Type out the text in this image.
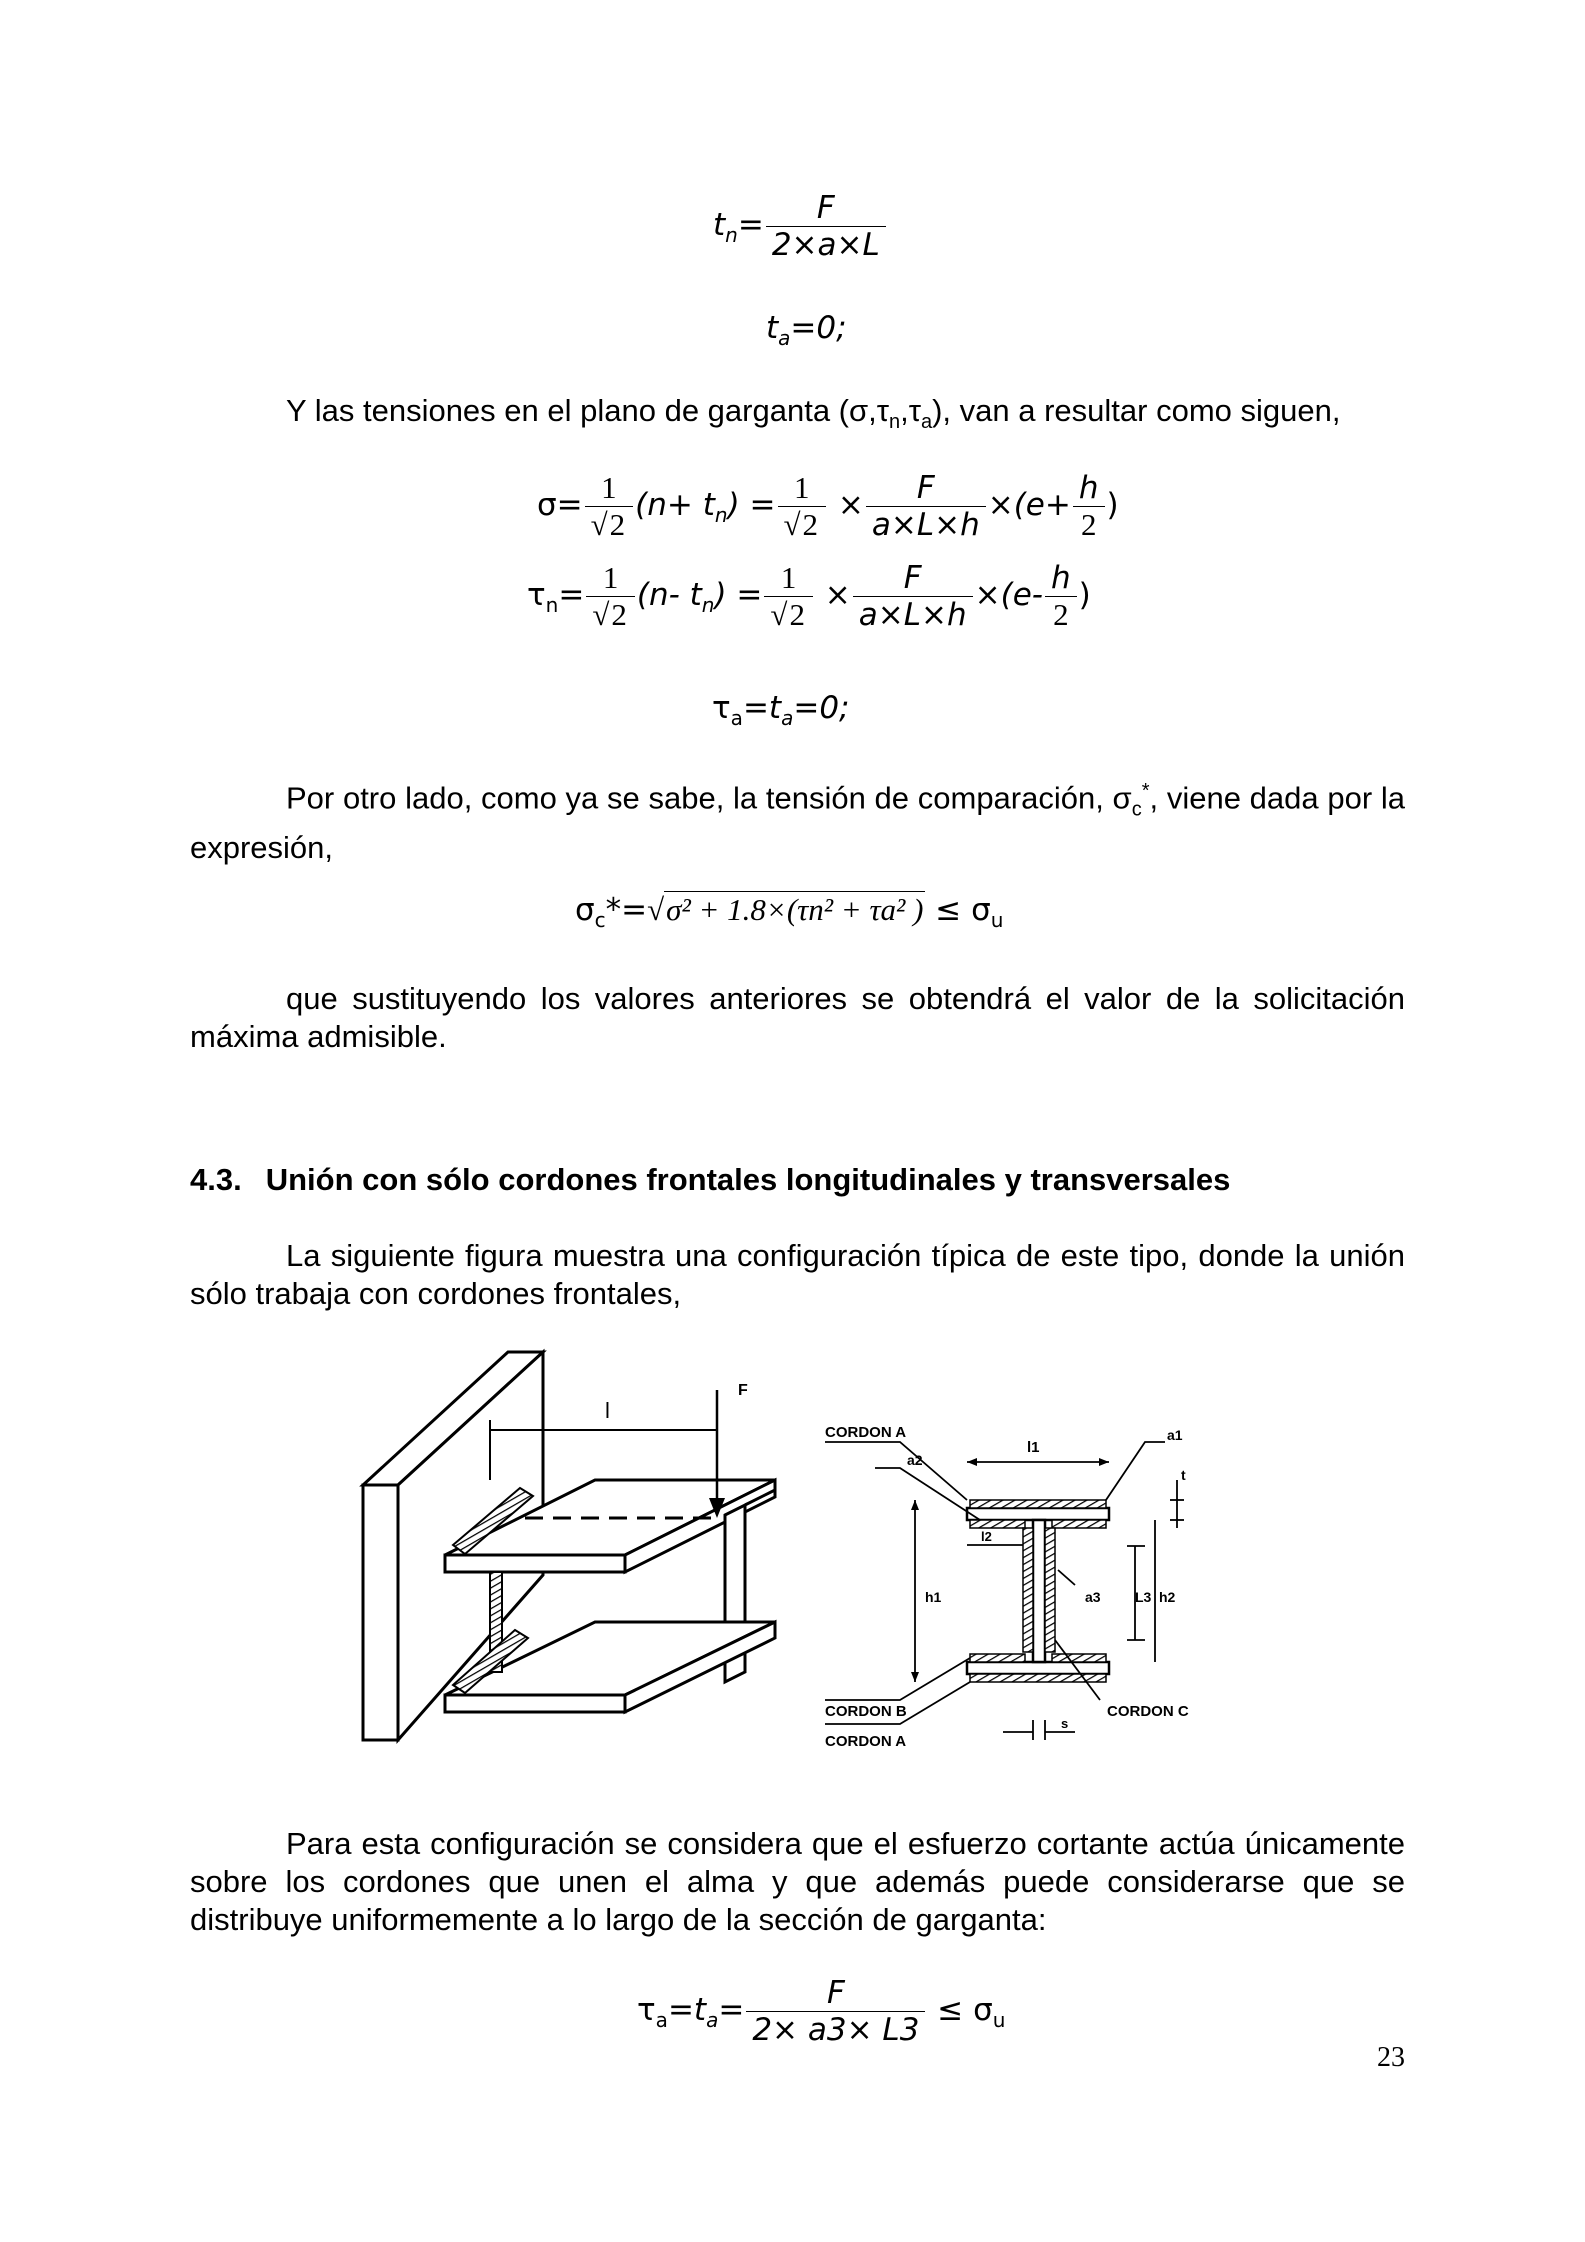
$t_n= \frac{F}{2\times a\times L}$
$t_a=0$;
Y las tensiones en el plano de garganta $(\sigma,\tau_n,\tau_a)$, van a resultar como siguen,
$\sigma= \frac{1}{√2} (n+ t_n) = \frac{1}{√2} \times \frac{F}{a\times L\times h} \times(e+ \frac{h}{2}$ )
$\tau_n= \frac{1}{√2} (n-$ $t_n) = \frac{1}{√2} \times \frac{F}{a\times L\times h} \times(e- \frac{h}{2}$ )
$\tau_a=t_a=0$;
Por otro lado, como ya se sabe, la tensión de comparación, $\sigma_c^*$, viene dada por la expresión,
$\sigma_c*=√\sigma^2 + 1.8\times(\tau n^2 + \tau a^2$ ) ≤ $\sigma_u$
que sustituyendo los valores anteriores se obtendrá el valor de la solicitación máxima admisible.
4.3. Unión con sólo cordones frontales longitudinales y transversales
La siguiente figura muestra una configuración típica de este tipo, donde la unión sólo trabaja con cordones frontales,
l
F
CORDON A	a1
a2
l1
t
l2
h1	a3 L3 h2
CORDON B	CORDON C
CORDON A
s
Para esta configuración se considera que el esfuerzo cortante actúa únicamente sobre los cordones que unen el alma y que además puede considerarse que se distribuye uniformemente a lo largo de la sección de garganta:
$\tau_a=t_a= \frac{F}{2\times a3\times L3} \le \sigma_u$
23
